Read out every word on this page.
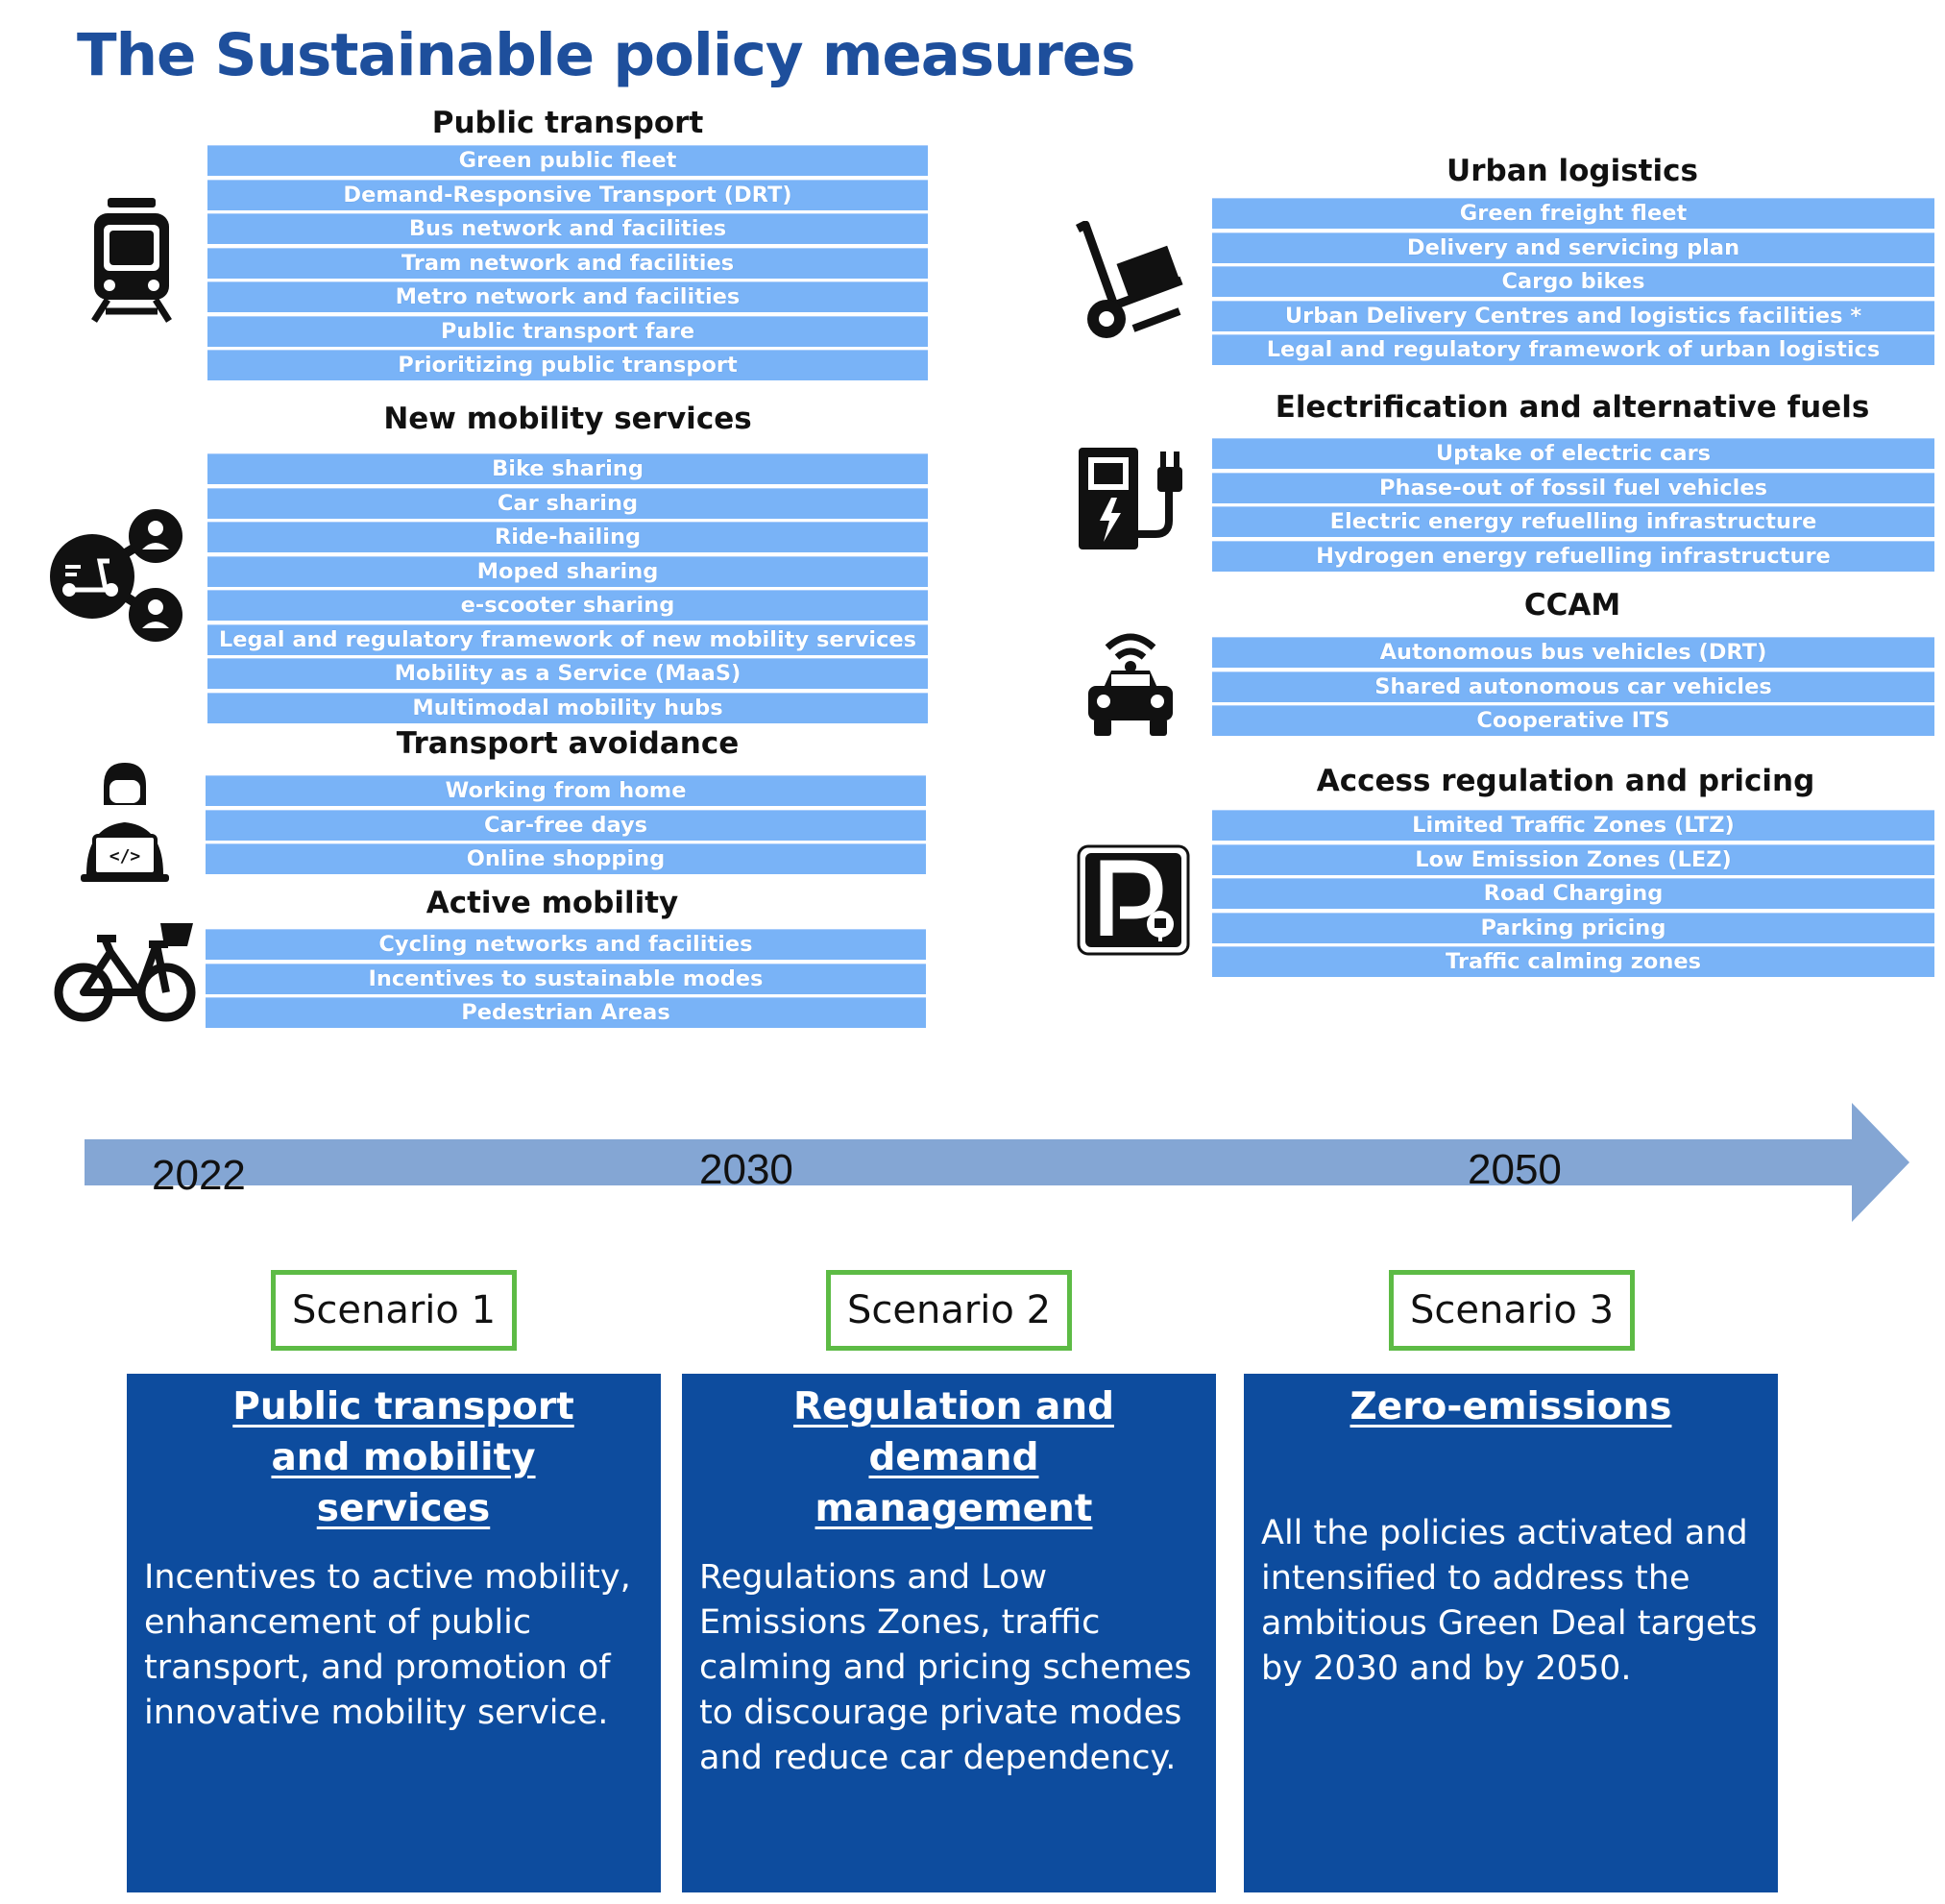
The Sustainable policy measures
Public transport
Green public fleet
Demand-Responsive Transport (DRT)
Bus network and facilities
Tram network and facilities
Metro network and facilities
Public transport fare
Prioritizing public transport
New mobility services
Bike sharing
Car sharing
Ride-hailing
Moped sharing
e-scooter sharing
Legal and regulatory framework of new mobility services
Mobility as a Service (MaaS)
Multimodal mobility hubs
Transport avoidance
Working from home
Car-free days
Online shopping
Active mobility
Cycling networks and facilities
Incentives to sustainable modes
Pedestrian Areas
Urban logistics
Green freight fleet
Delivery and servicing plan
Cargo bikes
Urban Delivery Centres and logistics facilities *
Legal and regulatory framework of urban logistics
Electrification and alternative fuels
Uptake of electric cars
Phase-out of fossil fuel vehicles
Electric energy refuelling infrastructure
Hydrogen energy refuelling infrastructure
CCAM
Autonomous bus vehicles (DRT)
Shared autonomous car vehicles
Cooperative ITS
Access regulation and pricing
Limited Traffic Zones (LTZ)
Low Emission Zones (LEZ)
Road Charging
Parking pricing
Traffic calming zones
</>
2022	2030	2050
Scenario 1	Scenario 2	Scenario 3

Public transport and mobility services

Incentives to active mobility, enhancement of public transport, and promotion of innovative mobility service.

Regulation and demand management

Regulations and Low Emissions Zones, traffic calming and pricing schemes to discourage private modes and reduce car dependency.

Zero-emissions

All the policies activated and intensified to address the ambitious Green Deal targets by 2030 and by 2050.
